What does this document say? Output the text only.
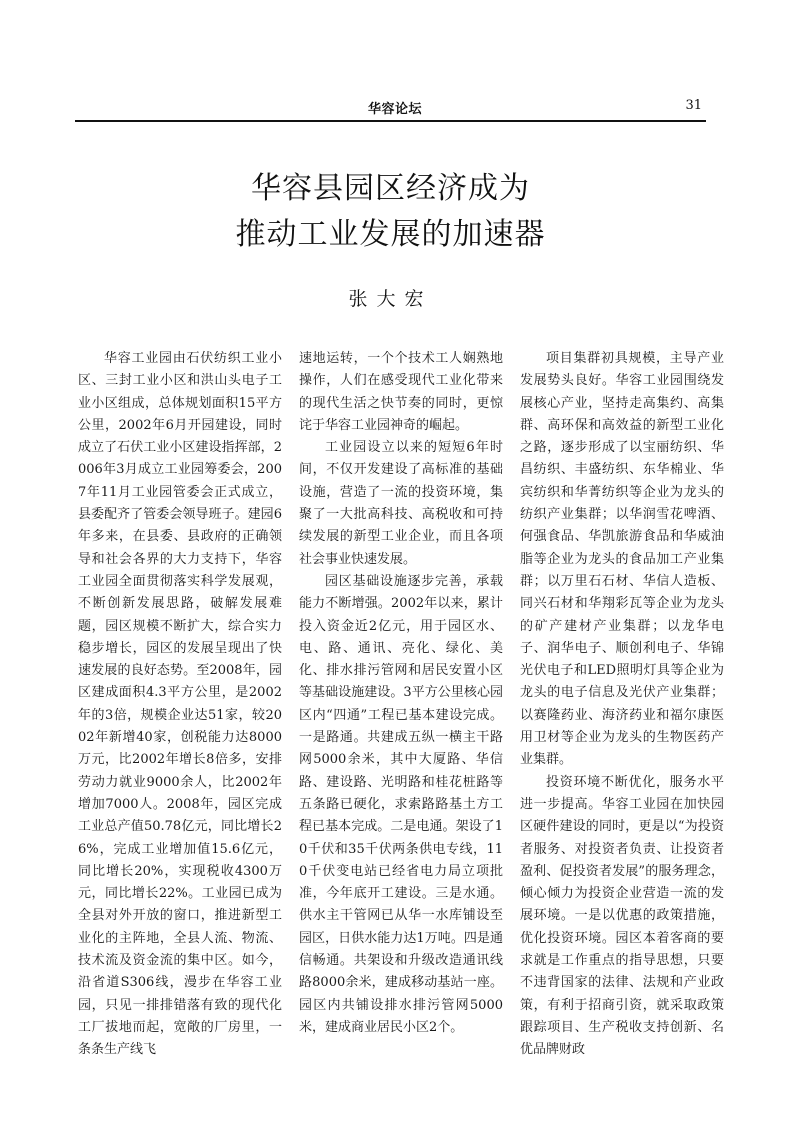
华容论坛	31
华容县园区经济成为
推动工业发展的加速器
张大宏

华容工业园由石伏纺织工业小区、三封工业小区和洪山头电子工业小区组成，总体规划面积15平方公里，2002年6月开园建设，同时成立了石伏工业小区建设指挥部，2006年3月成立工业园筹委会，2007年11月工业园管委会正式成立，县委配齐了管委会领导班子。建园6年多来，在县委、县政府的正确领导和社会各界的大力支持下，华容工业园全面贯彻落实科学发展观，不断创新发展思路，破解发展难题，园区规模不断扩大，综合实力稳步增长，园区的发展呈现出了快速发展的良好态势。至2008年，园区建成面积4.3平方公里，是2002年的3倍，规模企业达51家，较2002年新增40家，创税能力达8000万元，比2002年增长8倍多，安排劳动力就业9000余人，比2002年增加7000人。2008年，园区完成工业总产值50.78亿元，同比增长26%，完成工业增加值15.6亿元，同比增长20%，实现税收4300万元，同比增长22%。工业园已成为全县对外开放的窗口，推进新型工业化的主阵地，全县人流、物流、技术流及资金流的集中区。如今，沿省道S306线，漫步在华容工业园，只见一排排错落有致的现代化工厂拔地而起，宽敞的厂房里，一条条生产线飞

速地运转，一个个技术工人娴熟地操作，人们在感受现代工业化带来的现代生活之快节奏的同时，更惊诧于华容工业园神奇的崛起。

工业园设立以来的短短6年时间，不仅开发建设了高标准的基础设施，营造了一流的投资环境，集聚了一大批高科技、高税收和可持续发展的新型工业企业，而且各项社会事业快速发展。

园区基础设施逐步完善，承载能力不断增强。2002年以来，累计投入资金近2亿元，用于园区水、电、路、通讯、亮化、绿化、美化、排水排污管网和居民安置小区等基础设施建设。3平方公里核心园区内“四通”工程已基本建设完成。一是路通。共建成五纵一横主干路网5000余米，其中大厦路、华信路、建设路、光明路和桂花桩路等五条路已硬化，求索路路基土方工程已基本完成。二是电通。架设了10千伏和35千伏两条供电专线，110千伏变电站已经省电力局立项批准，今年底开工建设。三是水通。供水主干管网已从华一水库铺设至园区，日供水能力达1万吨。四是通信畅通。共架设和升级改造通讯线路8000余米，建成移动基站一座。园区内共铺设排水排污管网5000米，建成商业居民小区2个。

项目集群初具规模，主导产业发展势头良好。华容工业园围绕发展核心产业，坚持走高集约、高集群、高环保和高效益的新型工业化之路，逐步形成了以宝丽纺织、华昌纺织、丰盛纺织、东华棉业、华宾纺织和华菁纺织等企业为龙头的纺织产业集群；以华润雪花啤酒、何强食品、华凯旅游食品和华威油脂等企业为龙头的食品加工产业集群；以万里石石材、华信人造板、同兴石材和华翔彩瓦等企业为龙头的矿产建材产业集群；以龙华电子、润华电子、顺创利电子、华锦光伏电子和LED照明灯具等企业为龙头的电子信息及光伏产业集群；以赛隆药业、海济药业和福尔康医用卫材等企业为龙头的生物医药产业集群。

投资环境不断优化，服务水平进一步提高。华容工业园在加快园区硬件建设的同时，更是以“为投资者服务、对投资者负责、让投资者盈利、促投资者发展”的服务理念，倾心倾力为投资企业营造一流的发展环境。一是以优惠的政策措施，优化投资环境。园区本着客商的要求就是工作重点的指导思想，只要不违背国家的法律、法规和产业政策，有利于招商引资，就采取政策跟踪项目、生产税收支持创新、名优品牌财政
